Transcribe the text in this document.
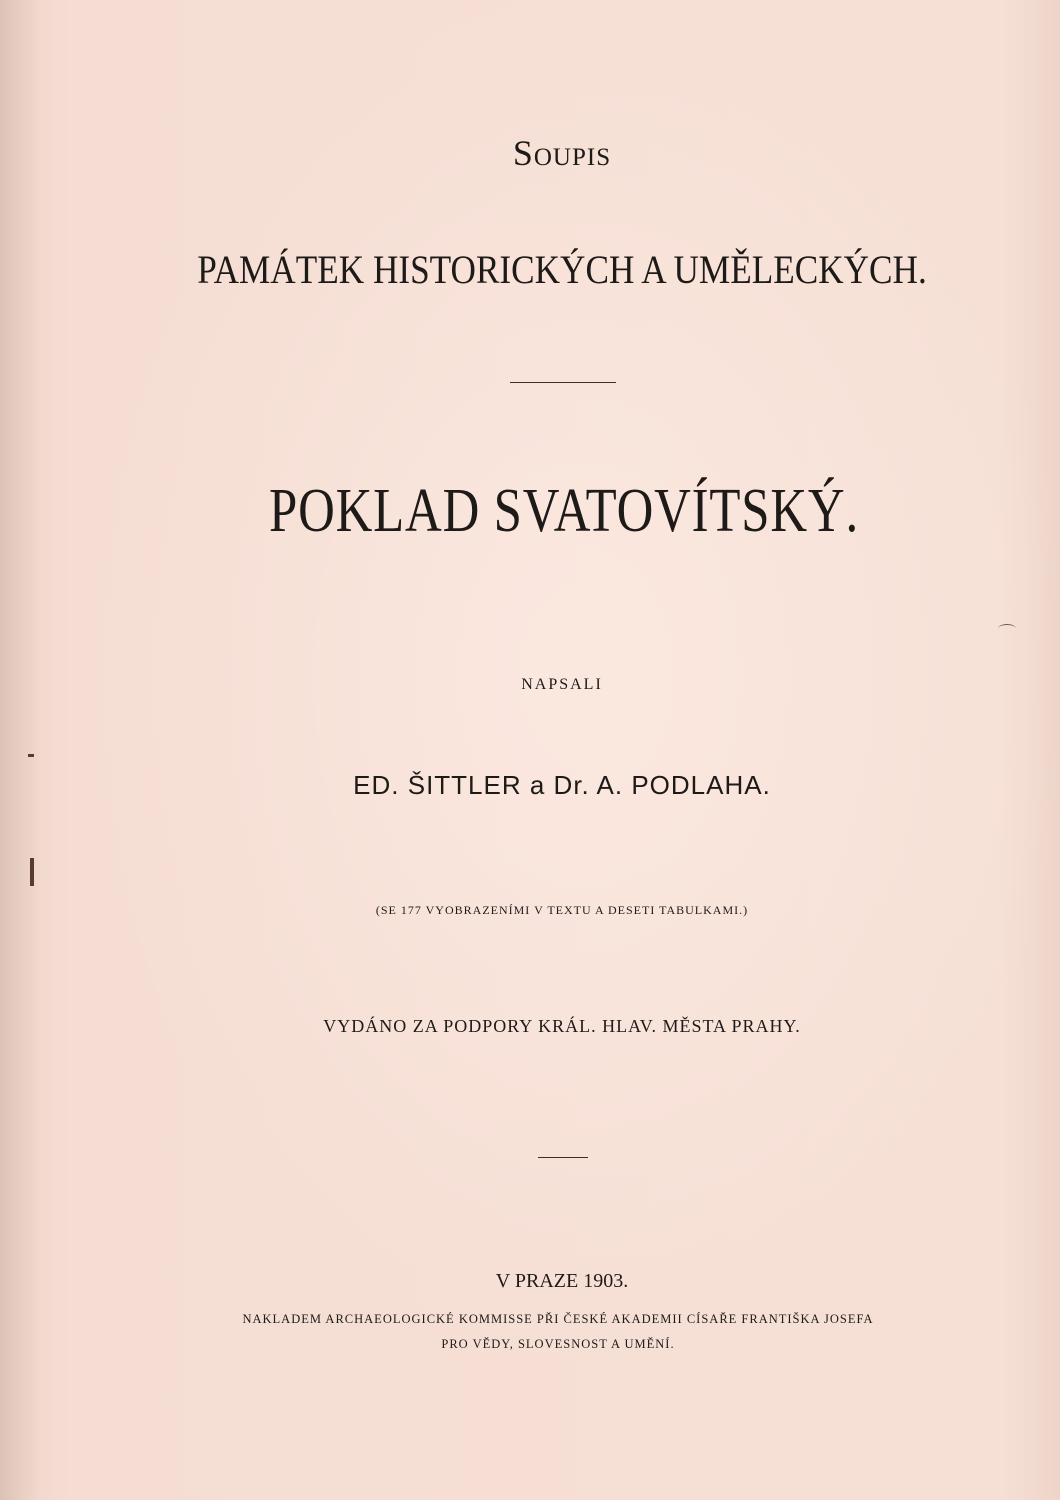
Soupis
PAMÁTEK HISTORICKÝCH A UMĚLECKÝCH.
POKLAD SVATOVÍTSKÝ.
NAPSALI
ED. ŠITTLER a Dr. A. PODLAHA.
(SE 177 VYOBRAZENÍMI V TEXTU A DESETI TABULKAMI.)
VYDÁNO ZA PODPORY KRÁL. HLAV. MĚSTA PRAHY.
V PRAZE 1903.
NAKLADEM ARCHAEOLOGICKÉ KOMMISSE PŘI ČESKÉ AKADEMII CÍSAŘE FRANTIŠKA JOSEFA
PRO VĚDY, SLOVESNOST A UMĚNÍ.
